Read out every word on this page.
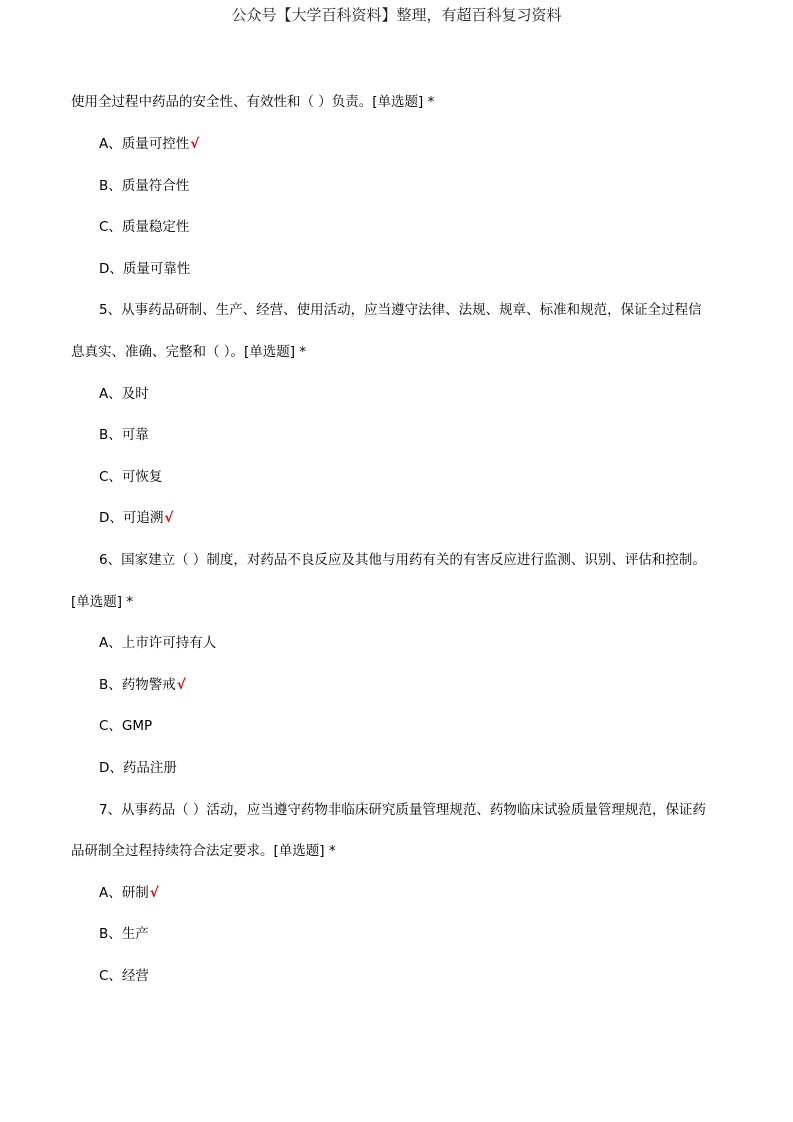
公众号【大学百科资料】整理，有超百科复习资料
使用全过程中药品的安全性、有效性和（ ）负责。[单选题] *
A、质量可控性√
B、质量符合性
C、质量稳定性
D、质量可靠性
5、从事药品研制、生产、经营、使用活动，应当遵守法律、法规、规章、标准和规范，保证全过程信
息真实、准确、完整和（ ）。[单选题] *
A、及时
B、可靠
C、可恢复
D、可追溯√
6、国家建立（ ）制度，对药品不良反应及其他与用药有关的有害反应进行监测、识别、评估和控制。
[单选题] *
A、上市许可持有人
B、药物警戒√
C、GMP
D、药品注册
7、从事药品（ ）活动，应当遵守药物非临床研究质量管理规范、药物临床试验质量管理规范，保证药
品研制全过程持续符合法定要求。[单选题] *
A、研制√
B、生产
C、经营
